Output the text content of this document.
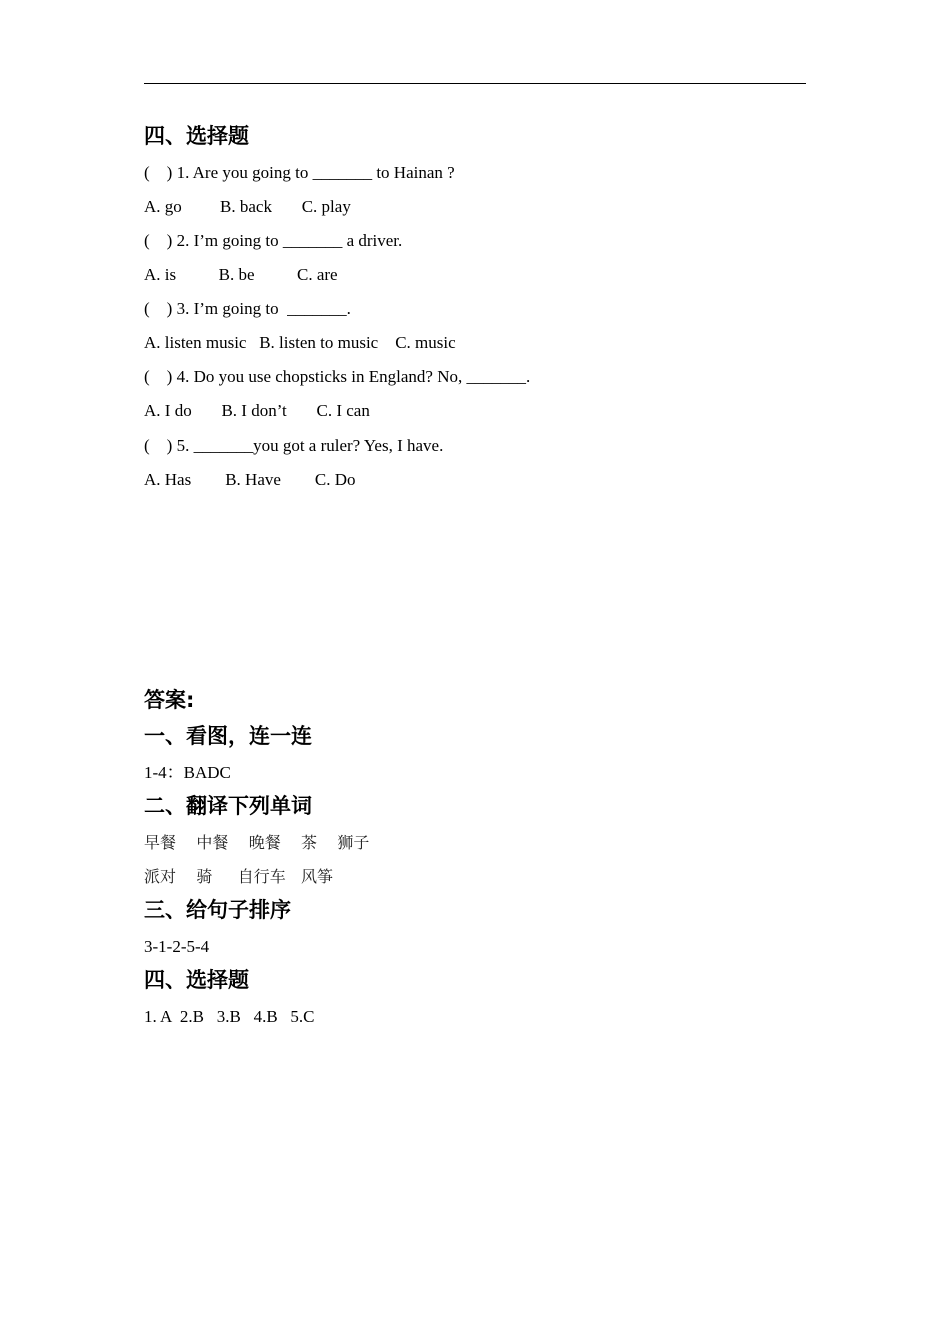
四、选择题
(    ) 1. Are you going to _______ to Hainan ?
A. go         B. back       C. play
(    ) 2. I’m going to _______ a driver.
A. is          B. be          C. are
(    ) 3. I’m going to  _______.
A. listen music   B. listen to music    C. music
(    ) 4. Do you use chopsticks in England? No, _______.
A. I do       B. I don’t       C. I can
(    ) 5. _______you got a ruler? Yes, I have.
A. Has        B. Have        C. Do
答案:
一、看图，连一连
1-4：BADC
二、翻译下列单词
早餐    中餐    晚餐    茶    狮子
派对    骑     自行车   风筝
三、给句子排序
3-1-2-5-4
四、选择题
1. A  2.B   3.B   4.B   5.C
